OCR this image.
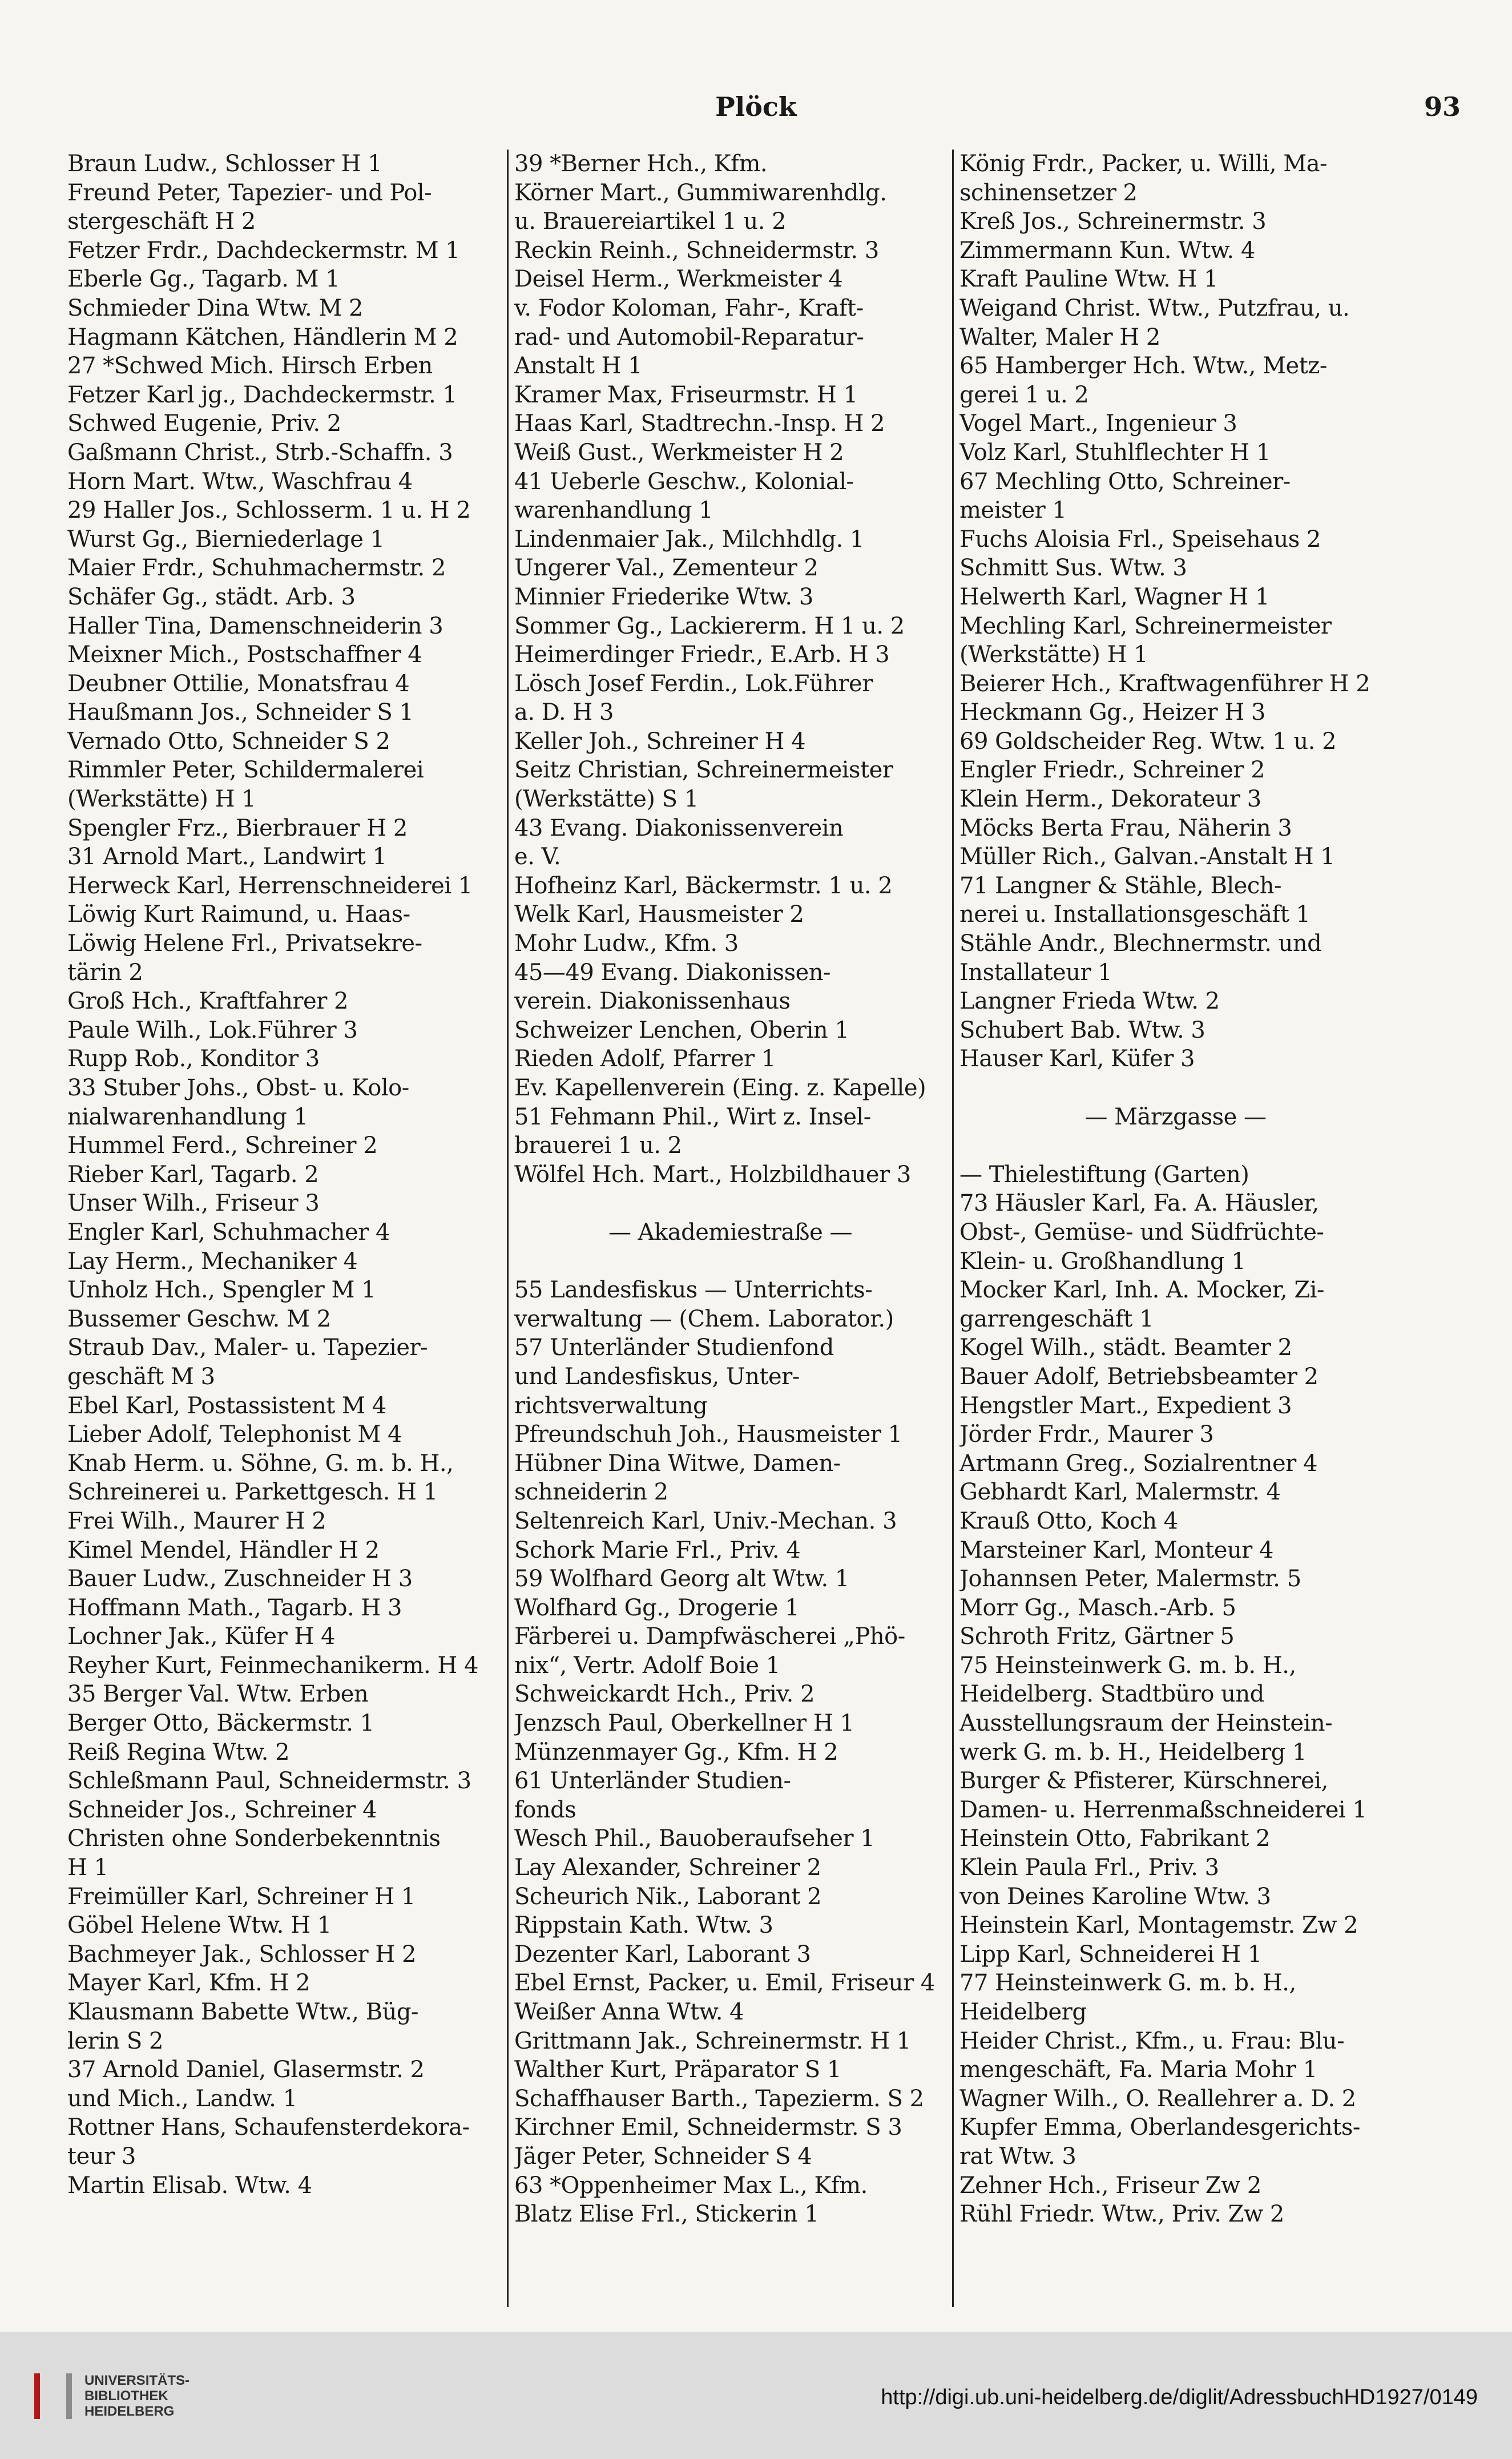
Plöck	93
Braun Ludw., Schlosser H 1
Freund Peter, Tapezier- und Pol-
stergeschäft H 2
Fetzer Frdr., Dachdeckermstr. M 1
Eberle Gg., Tagarb. M 1
Schmieder Dina Wtw. M 2
Hagmann Kätchen, Händlerin M 2
27 *Schwed Mich. Hirsch Erben
Fetzer Karl jg., Dachdeckermstr. 1
Schwed Eugenie, Priv. 2
Gaßmann Christ., Strb.-Schaffn. 3
Horn Mart. Wtw., Waschfrau 4
29 Haller Jos., Schlosserm. 1 u. H 2
Wurst Gg., Bierniederlage 1
Maier Frdr., Schuhmachermstr. 2
Schäfer Gg., städt. Arb. 3
Haller Tina, Damenschneiderin 3
Meixner Mich., Postschaffner 4
Deubner Ottilie, Monatsfrau 4
Haußmann Jos., Schneider S 1
Vernado Otto, Schneider S 2
Rimmler Peter, Schildermalerei
(Werkstätte) H 1
Spengler Frz., Bierbrauer H 2
31 Arnold Mart., Landwirt 1
Herweck Karl, Herrenschneiderei 1
Löwig Kurt Raimund, u. Haas-
Löwig Helene Frl., Privatsekre-
tärin 2
Groß Hch., Kraftfahrer 2
Paule Wilh., Lok.Führer 3
Rupp Rob., Konditor 3
33 Stuber Johs., Obst- u. Kolo-
nialwarenhandlung 1
Hummel Ferd., Schreiner 2
Rieber Karl, Tagarb. 2
Unser Wilh., Friseur 3
Engler Karl, Schuhmacher 4
Lay Herm., Mechaniker 4
Unholz Hch., Spengler M 1
Bussemer Geschw. M 2
Straub Dav., Maler- u. Tapezier-
geschäft M 3
Ebel Karl, Postassistent M 4
Lieber Adolf, Telephonist M 4
Knab Herm. u. Söhne, G. m. b. H.,
Schreinerei u. Parkettgesch. H 1
Frei Wilh., Maurer H 2
Kimel Mendel, Händler H 2
Bauer Ludw., Zuschneider H 3
Hoffmann Math., Tagarb. H 3
Lochner Jak., Küfer H 4
Reyher Kurt, Feinmechanikerm. H 4
35 Berger Val. Wtw. Erben
Berger Otto, Bäckermstr. 1
Reiß Regina Wtw. 2
Schleßmann Paul, Schneidermstr. 3
Schneider Jos., Schreiner 4
Christen ohne Sonderbekenntnis
H 1
Freimüller Karl, Schreiner H 1
Göbel Helene Wtw. H 1
Bachmeyer Jak., Schlosser H 2
Mayer Karl, Kfm. H 2
Klausmann Babette Wtw., Büg-
lerin S 2
37 Arnold Daniel, Glasermstr. 2
und Mich., Landw. 1
Rottner Hans, Schaufensterdekora-
teur 3
Martin Elisab. Wtw. 4
39 *Berner Hch., Kfm.
Körner Mart., Gummiwarenhdlg.
u. Brauereiartikel 1 u. 2
Reckin Reinh., Schneidermstr. 3
Deisel Herm., Werkmeister 4
v. Fodor Koloman, Fahr-, Kraft-
rad- und Automobil-Reparatur-
Anstalt H 1
Kramer Max, Friseurmstr. H 1
Haas Karl, Stadtrechn.-Insp. H 2
Weiß Gust., Werkmeister H 2
41 Ueberle Geschw., Kolonial-
warenhandlung 1
Lindenmaier Jak., Milchhdlg. 1
Ungerer Val., Zementeur 2
Minnier Friederike Wtw. 3
Sommer Gg., Lackiererm. H 1 u. 2
Heimerdinger Friedr., E.Arb. H 3
Lösch Josef Ferdin., Lok.Führer
a. D. H 3
Keller Joh., Schreiner H 4
Seitz Christian, Schreinermeister
(Werkstätte) S 1
43 Evang. Diakonissenverein
e. V.
Hofheinz Karl, Bäckermstr. 1 u. 2
Welk Karl, Hausmeister 2
Mohr Ludw., Kfm. 3
45—49 Evang. Diakonissen-
verein. Diakonissenhaus
Schweizer Lenchen, Oberin 1
Rieden Adolf, Pfarrer 1
Ev. Kapellenverein (Eing. z. Kapelle)
51 Fehmann Phil., Wirt z. Insel-
brauerei 1 u. 2
Wölfel Hch. Mart., Holzbildhauer 3
— Akademiestraße —
55 Landesfiskus — Unterrichts-
verwaltung — (Chem. Laborator.)
57 Unterländer Studienfond
und Landesfiskus, Unter-
richtsverwaltung
Pfreundschuh Joh., Hausmeister 1
Hübner Dina Witwe, Damen-
schneiderin 2
Seltenreich Karl, Univ.-Mechan. 3
Schork Marie Frl., Priv. 4
59 Wolfhard Georg alt Wtw. 1
Wolfhard Gg., Drogerie 1
Färberei u. Dampfwäscherei „Phö-
nix“, Vertr. Adolf Boie 1
Schweickardt Hch., Priv. 2
Jenzsch Paul, Oberkellner H 1
Münzenmayer Gg., Kfm. H 2
61 Unterländer Studien-
fonds
Wesch Phil., Bauoberaufseher 1
Lay Alexander, Schreiner 2
Scheurich Nik., Laborant 2
Rippstain Kath. Wtw. 3
Dezenter Karl, Laborant 3
Ebel Ernst, Packer, u. Emil, Friseur 4
Weißer Anna Wtw. 4
Grittmann Jak., Schreinermstr. H 1
Walther Kurt, Präparator S 1
Schaffhauser Barth., Tapezierm. S 2
Kirchner Emil, Schneidermstr. S 3
Jäger Peter, Schneider S 4
63 *Oppenheimer Max L., Kfm.
Blatz Elise Frl., Stickerin 1
König Frdr., Packer, u. Willi, Ma-
schinensetzer 2
Kreß Jos., Schreinermstr. 3
Zimmermann Kun. Wtw. 4
Kraft Pauline Wtw. H 1
Weigand Christ. Wtw., Putzfrau, u.
Walter, Maler H 2
65 Hamberger Hch. Wtw., Metz-
gerei 1 u. 2
Vogel Mart., Ingenieur 3
Volz Karl, Stuhlflechter H 1
67 Mechling Otto, Schreiner-
meister 1
Fuchs Aloisia Frl., Speisehaus 2
Schmitt Sus. Wtw. 3
Helwerth Karl, Wagner H 1
Mechling Karl, Schreinermeister
(Werkstätte) H 1
Beierer Hch., Kraftwagenführer H 2
Heckmann Gg., Heizer H 3
69 Goldscheider Reg. Wtw. 1 u. 2
Engler Friedr., Schreiner 2
Klein Herm., Dekorateur 3
Möcks Berta Frau, Näherin 3
Müller Rich., Galvan.-Anstalt H 1
71 Langner & Stähle, Blech-
nerei u. Installationsgeschäft 1
Stähle Andr., Blechnermstr. und
Installateur 1
Langner Frieda Wtw. 2
Schubert Bab. Wtw. 3
Hauser Karl, Küfer 3
— Märzgasse —
— Thielestiftung (Garten)
73 Häusler Karl, Fa. A. Häusler,
Obst-, Gemüse- und Südfrüchte-
Klein- u. Großhandlung 1
Mocker Karl, Inh. A. Mocker, Zi-
garrengeschäft 1
Kogel Wilh., städt. Beamter 2
Bauer Adolf, Betriebsbeamter 2
Hengstler Mart., Expedient 3
Jörder Frdr., Maurer 3
Artmann Greg., Sozialrentner 4
Gebhardt Karl, Malermstr. 4
Krauß Otto, Koch 4
Marsteiner Karl, Monteur 4
Johannsen Peter, Malermstr. 5
Morr Gg., Masch.-Arb. 5
Schroth Fritz, Gärtner 5
75 Heinsteinwerk G. m. b. H.,
Heidelberg. Stadtbüro und
Ausstellungsraum der Heinstein-
werk G. m. b. H., Heidelberg 1
Burger & Pfisterer, Kürschnerei,
Damen- u. Herrenmaßschneiderei 1
Heinstein Otto, Fabrikant 2
Klein Paula Frl., Priv. 3
von Deines Karoline Wtw. 3
Heinstein Karl, Montagemstr. Zw 2
Lipp Karl, Schneiderei H 1
77 Heinsteinwerk G. m. b. H.,
Heidelberg
Heider Christ., Kfm., u. Frau: Blu-
mengeschäft, Fa. Maria Mohr 1
Wagner Wilh., O. Reallehrer a. D. 2
Kupfer Emma, Oberlandesgerichts-
rat Wtw. 3
Zehner Hch., Friseur Zw 2
Rühl Friedr. Wtw., Priv. Zw 2
UNIVERSITÄTS-
BIBLIOTHEK
HEIDELBERG
http://digi.ub.uni-heidelberg.de/diglit/AdressbuchHD1927/0149
